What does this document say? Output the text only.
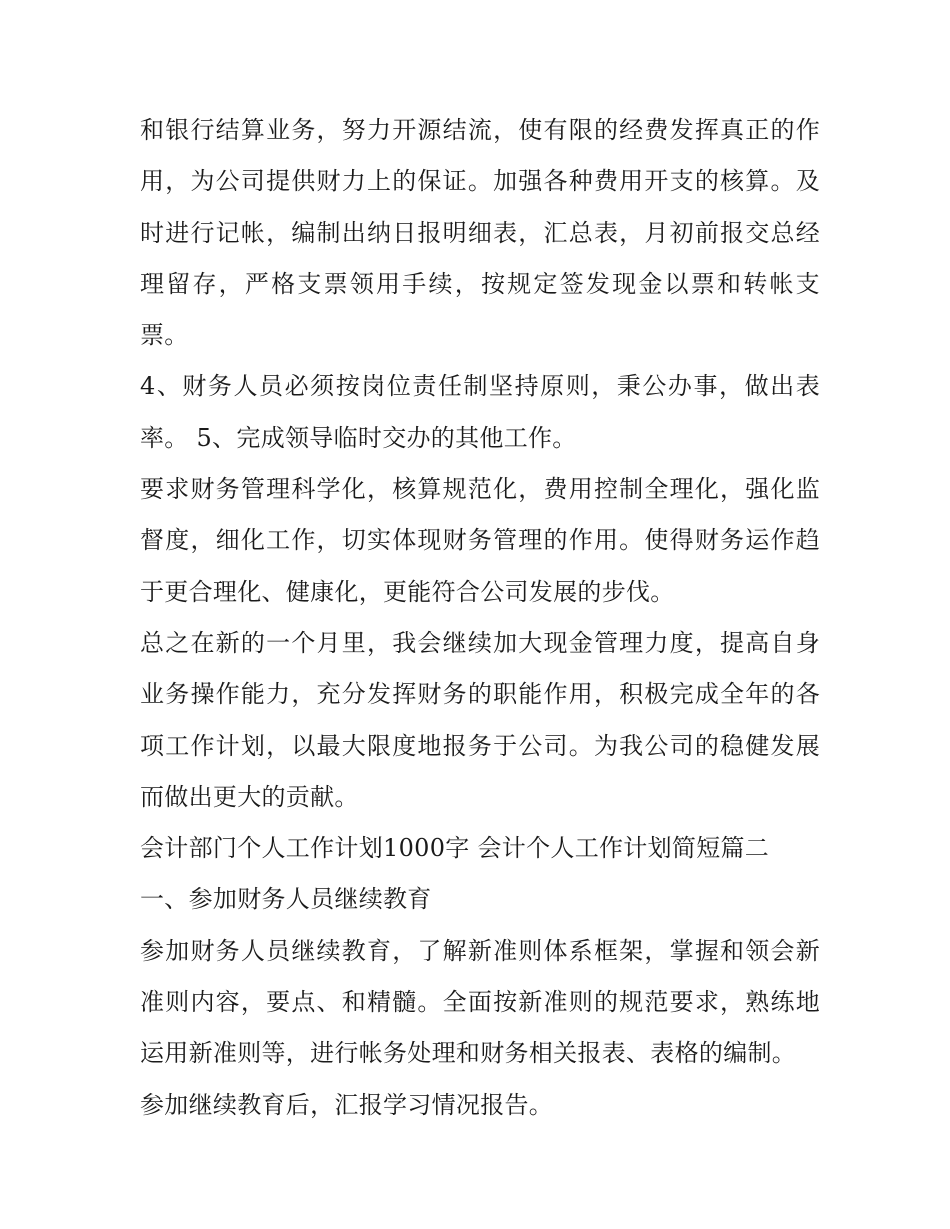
和银行结算业务，努力开源结流，使有限的经费发挥真正的作用，为公司提供财力上的保证。加强各种费用开支的核算。及时进行记帐，编制出纳日报明细表，汇总表，月初前报交总经理留存，严格支票领用手续，按规定签发现金以票和转帐支票。

4、财务人员必须按岗位责任制坚持原则，秉公办事，做出表率。 5、完成领导临时交办的其他工作。

要求财务管理科学化，核算规范化，费用控制全理化，强化监督度，细化工作，切实体现财务管理的作用。使得财务运作趋于更合理化、健康化，更能符合公司发展的步伐。

总之在新的一个月里，我会继续加大现金管理力度，提高自身业务操作能力，充分发挥财务的职能作用，积极完成全年的各项工作计划，以最大限度地报务于公司。为我公司的稳健发展而做出更大的贡献。

会计部门个人工作计划1000字 会计个人工作计划简短篇二

一、参加财务人员继续教育

参加财务人员继续教育，了解新准则体系框架，掌握和领会新准则内容，要点、和精髓。全面按新准则的规范要求，熟练地运用新准则等，进行帐务处理和财务相关报表、表格的编制。

参加继续教育后，汇报学习情况报告。
